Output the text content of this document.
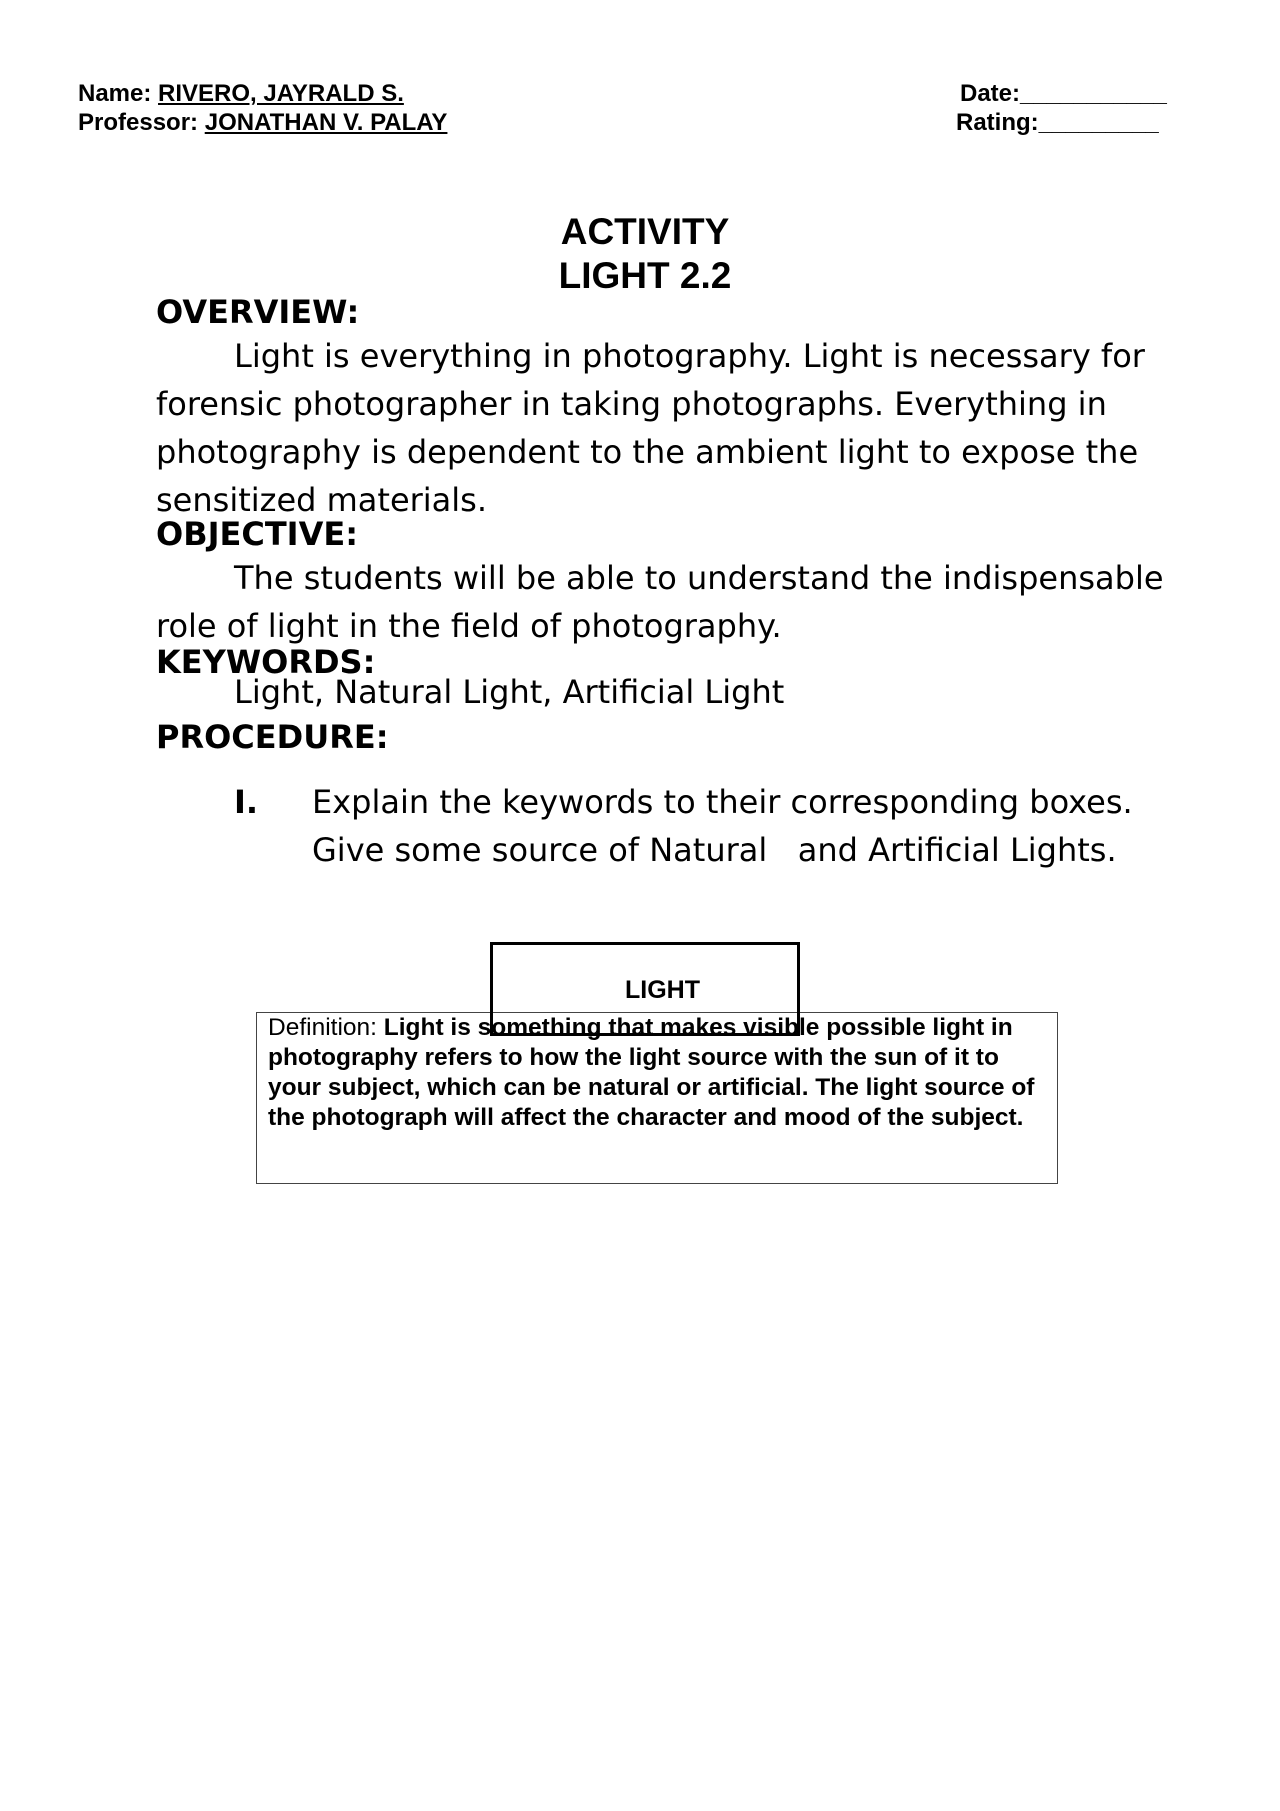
Name: RIVERO, JAYRALD S.
Professor: JONATHAN V. PALAY
Date:___________
Rating:_________
ACTIVITY
LIGHT 2.2
OVERVIEW:
Light is everything in photography. Light is necessary for forensic photographer in taking photographs. Everything in photography is dependent to the ambient light to expose the sensitized materials.
OBJECTIVE:
The students will be able to understand the indispensable role of light in the field of photography.
KEYWORDS:
Light, Natural Light, Artificial Light
PROCEDURE:
I. Explain the keywords to their corresponding boxes.
Give some source of Natural   and Artificial Lights.
Definition: Light is something that makes visible possible light in photography refers to how the light source with the sun of it to your subject, which can be natural or artificial. The light source of the photograph will affect the character and mood of the subject.
LIGHT
